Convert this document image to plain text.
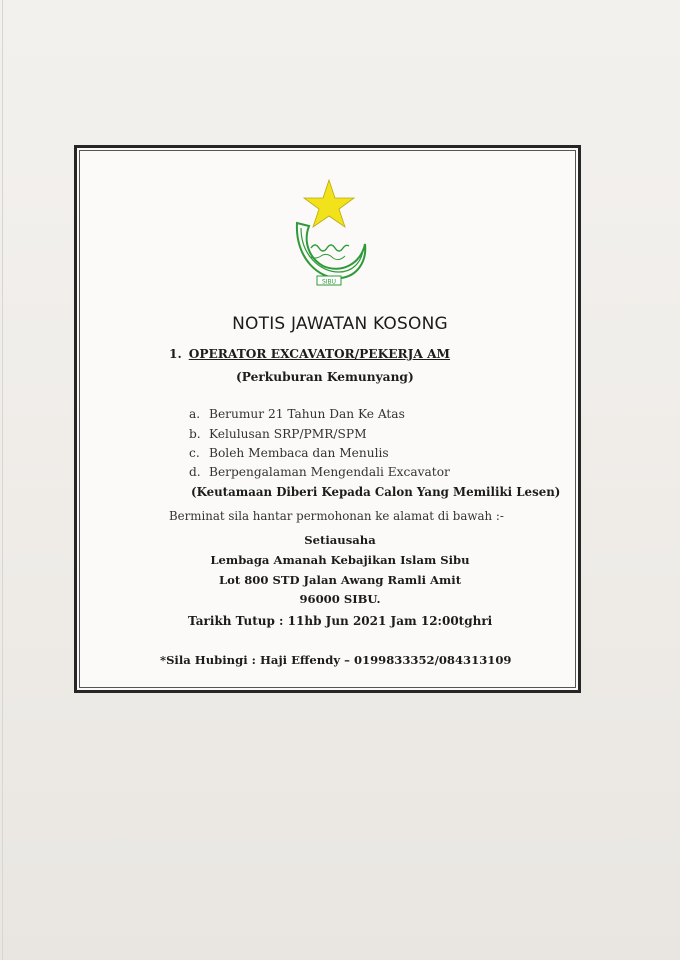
SIBU
NOTIS JAWATAN KOSONG
1. OPERATOR EXCAVATOR/PEKERJA AM
(Perkuburan Kemunyang)
a. Berumur 21 Tahun Dan Ke Atas
b. Kelulusan SRP/PMR/SPM
c. Boleh Membaca dan Menulis
d. Berpengalaman Mengendali Excavator
(Keutamaan Diberi Kepada Calon Yang Memiliki Lesen)
Berminat sila hantar permohonan ke alamat di bawah :-
Setiausaha
Lembaga Amanah Kebajikan Islam Sibu
Lot 800 STD Jalan Awang Ramli Amit
96000 SIBU.
Tarikh Tutup : 11hb Jun 2021 Jam 12:00tghri
*Sila Hubingi : Haji Effendy – 0199833352/084313109
